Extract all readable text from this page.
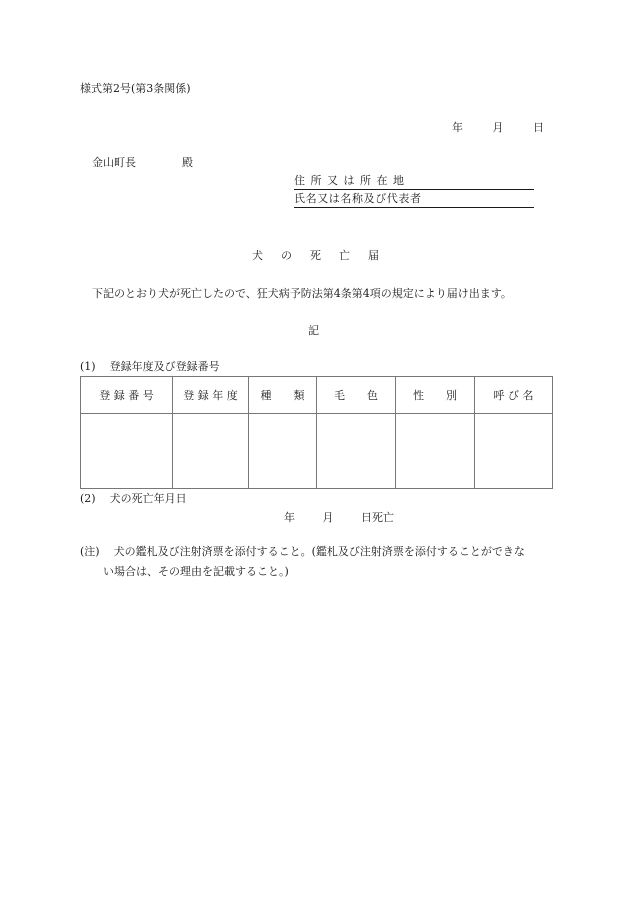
様式第2号(第3条関係)
年	月	日
金山町長	殿
住所又は所在地
氏名又は名称及び代表者
犬の死亡届
下記のとおり犬が死亡したので、狂犬病予防法第4条第4項の規定により届け出ます。
記
(1) 登録年度及び登録番号
登 録 番 号	登 録 年 度	種　　類	毛　　色	性　　別	呼 び 名

(2) 犬の死亡年月日
年	月	日死亡
(注) 犬の鑑札及び注射済票を添付すること。(鑑札及び注射済票を添付することができな
い場合は、その理由を記載すること。)
